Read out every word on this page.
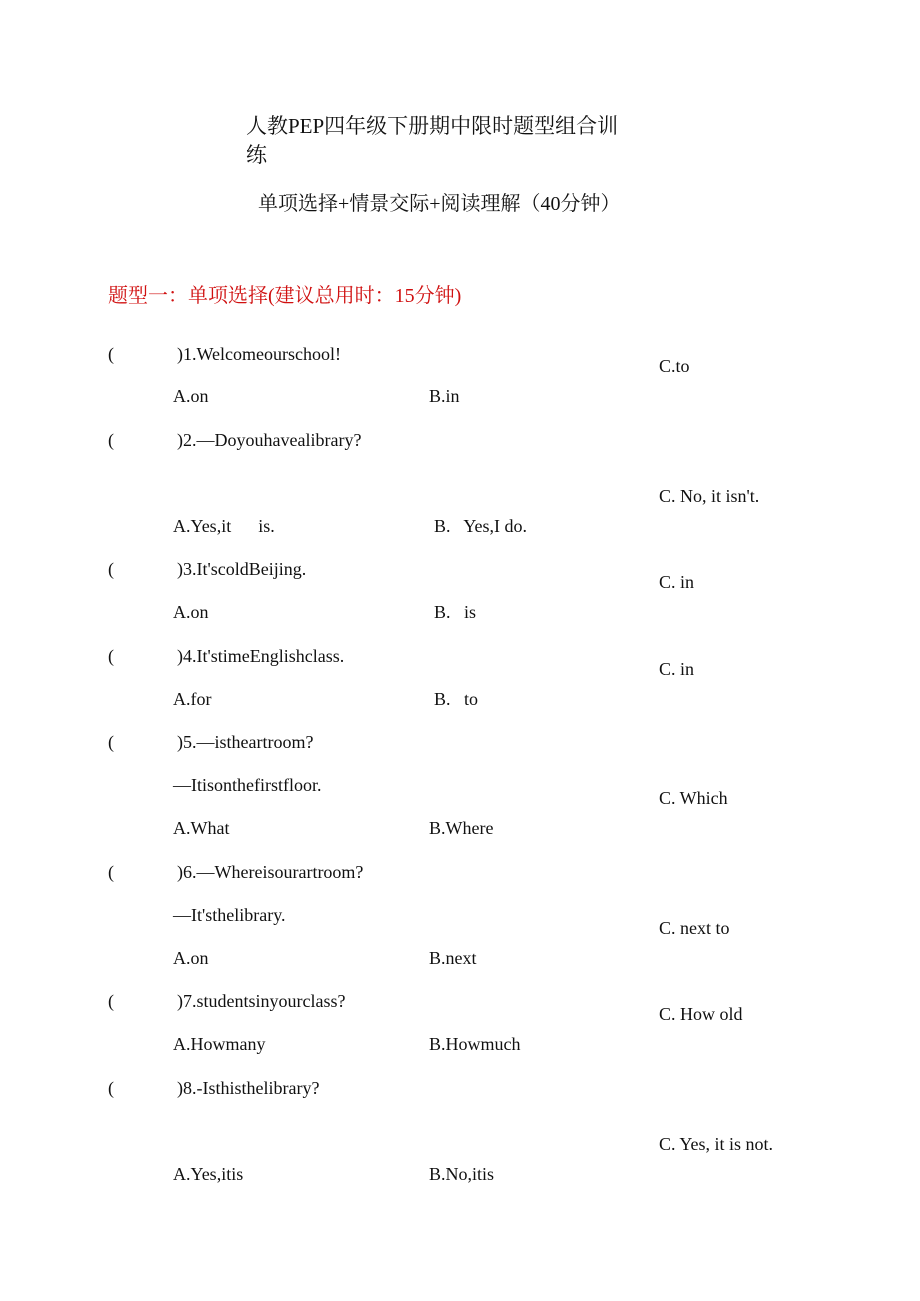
人教PEP四年级下册期中限时题型组合训
练
单项选择+情景交际+阅读理解（40分钟）
题型一：单项选择(建议总用时：15分钟)
(	)1.Welcomeourschool!
A.on	B.in
C.to
(	)2.—Doyouhavealibrary?
A.Yes,it      is.	B.   Yes,I do.
C. No, it isn't.
(	)3.It'scoldBeijing.
A.on	B.   is
C. in
(	)4.It'stimeEnglishclass.
A.for	B.   to
C. in
(	)5.—istheartroom?
—Itisonthefirstfloor.
A.What	B.Where
C. Which
(	)6.—Whereisourartroom?
—It'sthelibrary.
A.on	B.next
C. next to
(	)7.studentsinyourclass?
A.Howmany	B.Howmuch
C. How old
(	)8.-Isthisthelibrary?
A.Yes,itis	B.No,itis
C. Yes, it is not.
